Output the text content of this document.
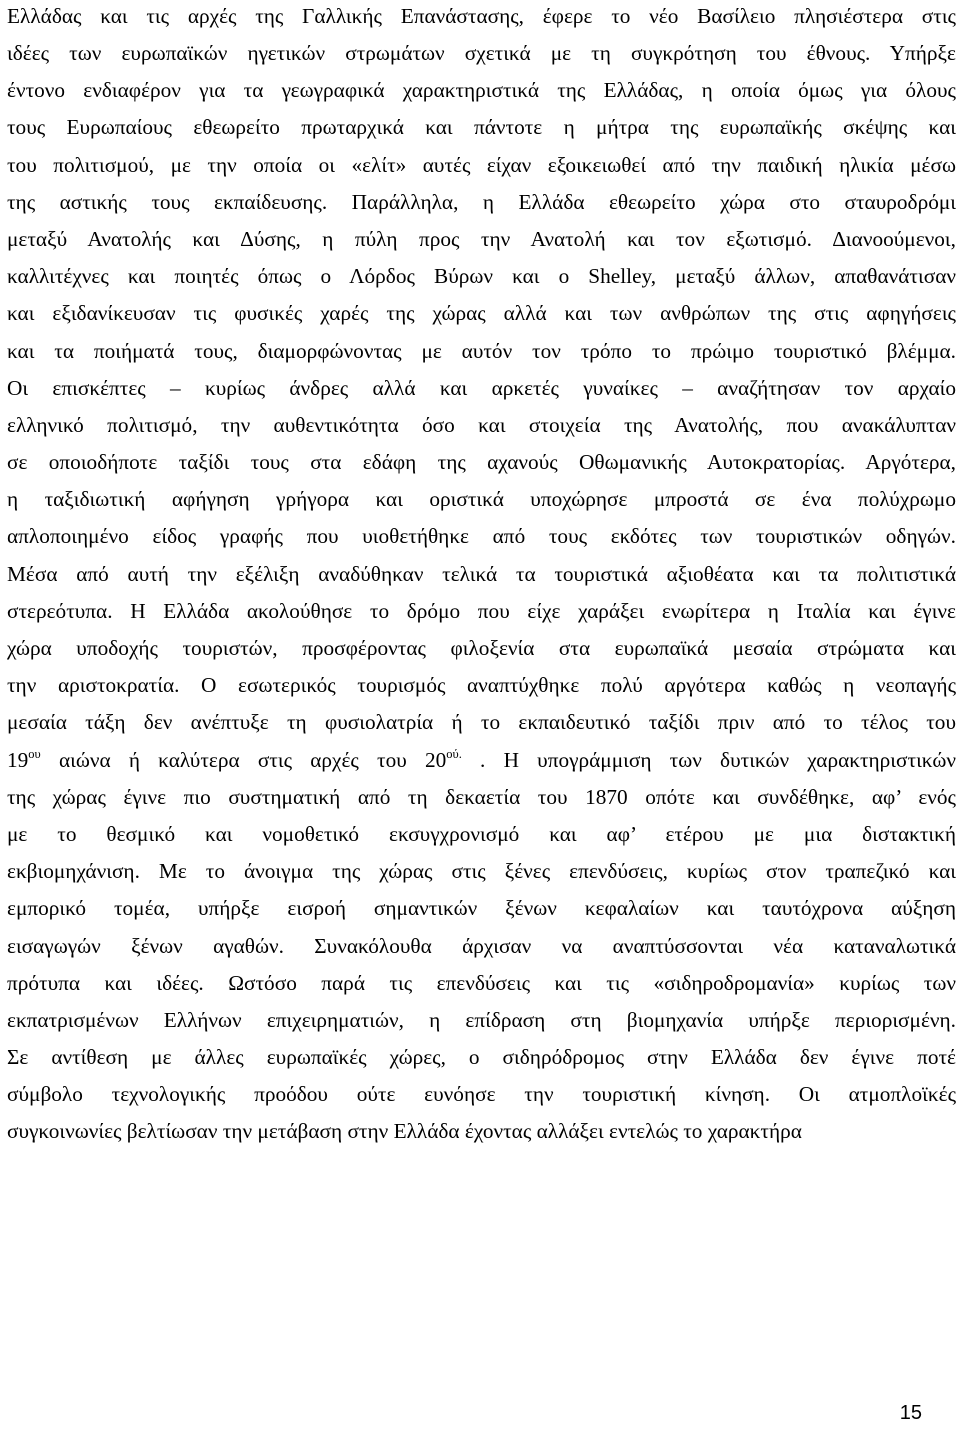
Ελλάδας και τις αρχές της Γαλλικής Επανάστασης, έφερε το νέο Βασίλειο πλησιέστερα στις
ιδέες των ευρωπαϊκών ηγετικών στρωμάτων σχετικά με τη συγκρότηση του έθνους. Υπήρξε
έντονο ενδιαφέρον για τα γεωγραφικά χαρακτηριστικά της Ελλάδας, η οποία όμως για όλους
τους Ευρωπαίους εθεωρείτο πρωταρχικά και πάντοτε η μήτρα της ευρωπαϊκής σκέψης και
του πολιτισμού, με την οποία οι «ελίτ» αυτές είχαν εξοικειωθεί από την παιδική ηλικία μέσω
της αστικής τους εκπαίδευσης. Παράλληλα, η Ελλάδα εθεωρείτο χώρα στο σταυροδρόμι
μεταξύ Ανατολής και Δύσης, η πύλη προς την Ανατολή και τον εξωτισμό. Διανοούμενοι,
καλλιτέχνες και ποιητές όπως ο Λόρδος Βύρων και ο Shelley, μεταξύ άλλων, απαθανάτισαν
και εξιδανίκευσαν τις φυσικές χαρές της χώρας αλλά και των ανθρώπων της στις αφηγήσεις
και τα ποιήματά τους, διαμορφώνοντας με αυτόν τον τρόπο το πρώιμο τουριστικό βλέμμα.
Οι επισκέπτες – κυρίως άνδρες αλλά και αρκετές γυναίκες – αναζήτησαν τον αρχαίο
ελληνικό πολιτισμό, την αυθεντικότητα όσο και στοιχεία της Ανατολής, που ανακάλυπταν
σε οποιοδήποτε ταξίδι τους στα εδάφη της αχανούς Οθωμανικής Αυτοκρατορίας. Αργότερα,
η ταξιδιωτική αφήγηση γρήγορα και οριστικά υποχώρησε μπροστά σε ένα πολύχρωμο
απλοποιημένο είδος γραφής που υιοθετήθηκε από τους εκδότες των τουριστικών οδηγών.
Μέσα από αυτή την εξέλιξη αναδύθηκαν τελικά τα τουριστικά αξιοθέατα και τα πολιτιστικά
στερεότυπα. Η Ελλάδα ακολούθησε το δρόμο που είχε χαράξει ενωρίτερα η Ιταλία και έγινε
χώρα υποδοχής τουριστών, προσφέροντας φιλοξενία στα ευρωπαϊκά μεσαία στρώματα και
την αριστοκρατία. Ο εσωτερικός τουρισμός αναπτύχθηκε πολύ αργότερα καθώς η νεοπαγής
μεσαία τάξη δεν ανέπτυξε τη φυσιολατρία ή το εκπαιδευτικό ταξίδι πριν από το τέλος του
$19^{o\upsilon}$ αιώνα ή καλύτερα στις αρχές του $20^{oύ.}$ . Η υπογράμμιση των δυτικών χαρακτηριστικών
της χώρας έγινε πιο συστηματική από τη δεκαετία του 1870 οπότε και συνδέθηκε, αφ’ ενός
με το θεσμικό και νομοθετικό εκσυγχρονισμό και αφ’ ετέρου με μια διστακτική
εκβιομηχάνιση. Με το άνοιγμα της χώρας στις ξένες επενδύσεις, κυρίως στον τραπεζικό και
εμπορικό τομέα, υπήρξε εισροή σημαντικών ξένων κεφαλαίων και ταυτόχρονα αύξηση
εισαγωγών ξένων αγαθών. Συνακόλουθα άρχισαν να αναπτύσσονται νέα καταναλωτικά
πρότυπα και ιδέες. Ωστόσο παρά τις επενδύσεις και τις «σιδηροδρομανία» κυρίως των
εκπατρισμένων Ελλήνων επιχειρηματιών, η επίδραση στη βιομηχανία υπήρξε περιορισμένη.
Σε αντίθεση με άλλες ευρωπαϊκές χώρες, ο σιδηρόδρομος στην Ελλάδα δεν έγινε ποτέ
σύμβολο τεχνολογικής προόδου ούτε ευνόησε την τουριστική κίνηση. Οι ατμοπλοϊκές
συγκοινωνίες βελτίωσαν την μετάβαση στην Ελλάδα έχοντας αλλάξει εντελώς το χαρακτήρα
15
